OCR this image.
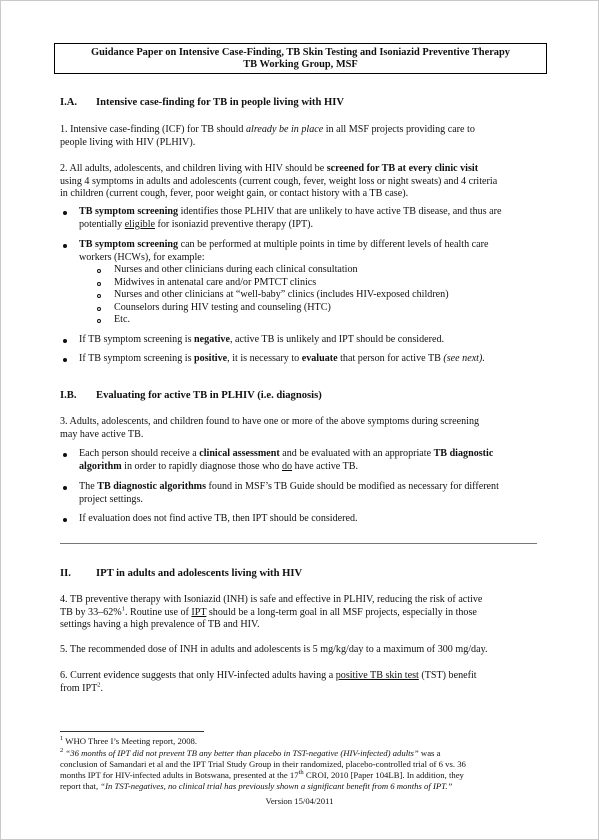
Guidance Paper on Intensive Case-Finding, TB Skin Testing and Isoniazid Preventive Therapy
TB Working Group, MSF
I.A. Intensive case-finding for TB in people living with HIV
1. Intensive case-finding (ICF) for TB should already be in place in all MSF projects providing care to
people living with HIV (PLHIV).
2. All adults, adolescents, and children living with HIV should be screened for TB at every clinic visit
using 4 symptoms in adults and adolescents (current cough, fever, weight loss or night sweats) and 4 criteria
in children (current cough, fever, poor weight gain, or contact history with a TB case).
TB symptom screening identifies those PLHIV that are unlikely to have active TB disease, and thus are
potentially eligible for isoniazid preventive therapy (IPT).
TB symptom screening can be performed at multiple points in time by different levels of health care
workers (HCWs), for example:
Nurses and other clinicians during each clinical consultation
Midwives in antenatal care and/or PMTCT clinics
Nurses and other clinicians at “well-baby” clinics (includes HIV-exposed children)
Counselors during HIV testing and counseling (HTC)
Etc.
If TB symptom screening is negative, active TB is unlikely and IPT should be considered.
If TB symptom screening is positive, it is necessary to evaluate that person for active TB (see next).
I.B. Evaluating for active TB in PLHIV (i.e. diagnosis)
3. Adults, adolescents, and children found to have one or more of the above symptoms during screening
may have active TB.
Each person should receive a clinical assessment and be evaluated with an appropriate TB diagnostic
algorithm in order to rapidly diagnose those who do have active TB.
The TB diagnostic algorithms found in MSF’s TB Guide should be modified as necessary for different
project settings.
If evaluation does not find active TB, then IPT should be considered.
II. IPT in adults and adolescents living with HIV
4. TB preventive therapy with Isoniazid (INH) is safe and effective in PLHIV, reducing the risk of active
TB by 33–62%$^1$. Routine use of IPT should be a long-term goal in all MSF projects, especially in those
settings having a high prevalence of TB and HIV.
5. The recommended dose of INH in adults and adolescents is 5 mg/kg/day to a maximum of 300 mg/day.
6. Current evidence suggests that only HIV-infected adults having a positive TB skin test (TST) benefit
from IPT$^2$.
$^1$ WHO Three I’s Meeting report, 2008.
$^2$ “36 months of IPT did not prevent TB any better than placebo in TST-negative (HIV-infected) adults” was a
conclusion of Samandari et al and the IPT Trial Study Group in their randomized, placebo-controlled trial of 6 vs. 36
months IPT for HIV-infected adults in Botswana, presented at the 17th CROI, 2010 [Paper 104LB]. In addition, they
report that, “In TST-negatives, no clinical trial has previously shown a significant benefit from 6 months of IPT.”
Version 15/04/2011
